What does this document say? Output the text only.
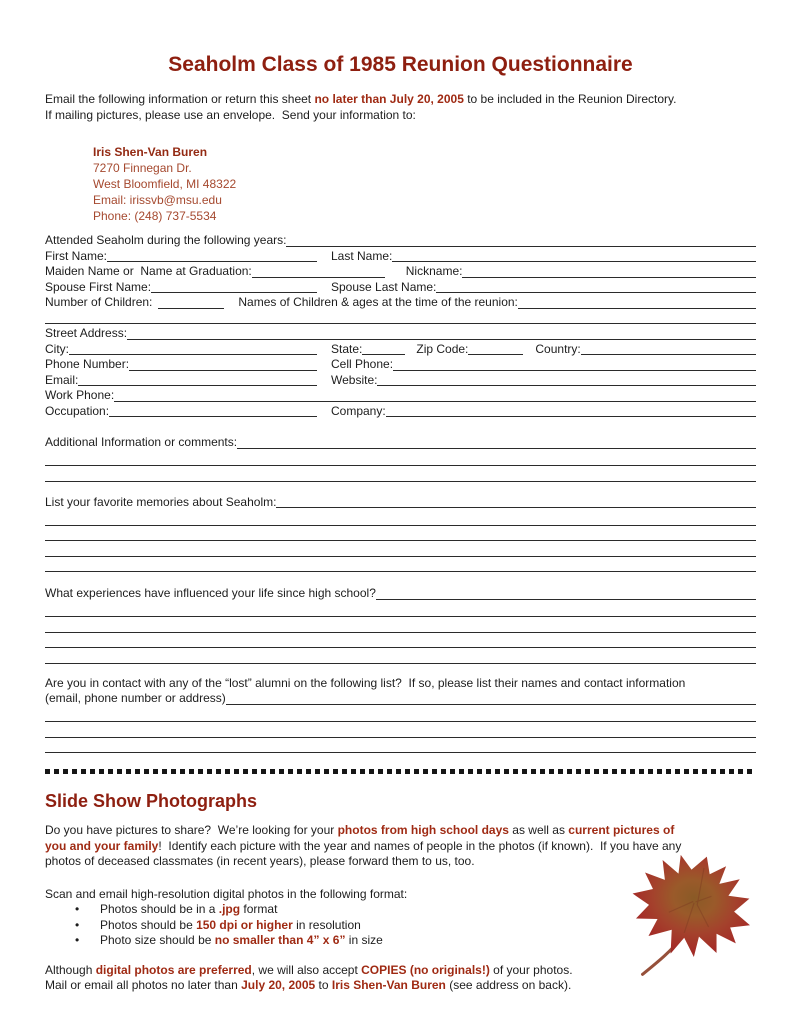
Seaholm Class of 1985 Reunion Questionnaire

Email the following information or return this sheet no later than July 20, 2005 to be included in the Reunion Directory.
If mailing pictures, please use an envelope.  Send your information to:

Iris Shen-Van Buren
7270 Finnegan Dr.
West Bloomfield, MI 48322
Email: irissvb@msu.edu
Phone: (248) 737-5534
Attended Seaholm during the following years:
First Name:	Last Name:
Maiden Name or  Name at Graduation:	Nickname:
Spouse First Name:	Spouse Last Name:
Number of Children:	Names of Children & ages at the time of the reunion:
Street Address:
City:	State:	Zip Code:	Country:
Phone Number:	Cell Phone:
Email:	Website:
Work Phone:
Occupation:	Company:
Additional Information or comments:
List your favorite memories about Seaholm:
What experiences have influenced your life since high school?
Are you in contact with any of the “lost” alumni on the following list?  If so, please list their names and contact information
(email, phone number or address)
Slide Show Photographs
Do you have pictures to share?  We’re looking for your photos from high school days as well as current pictures of
you and your family!  Identify each picture with the year and names of people in the photos (if known).  If you have any
photos of deceased classmates (in recent years), please forward them to us, too.
Scan and email high-resolution digital photos in the following format:
•	Photos should be in a .jpg format
•	Photos should be 150 dpi or higher in resolution
•	Photo size should be no smaller than 4” x 6” in size
Although digital photos are preferred, we will also accept COPIES (no originals!) of your photos.
Mail or email all photos no later than July 20, 2005 to Iris Shen-Van Buren (see address on back).
